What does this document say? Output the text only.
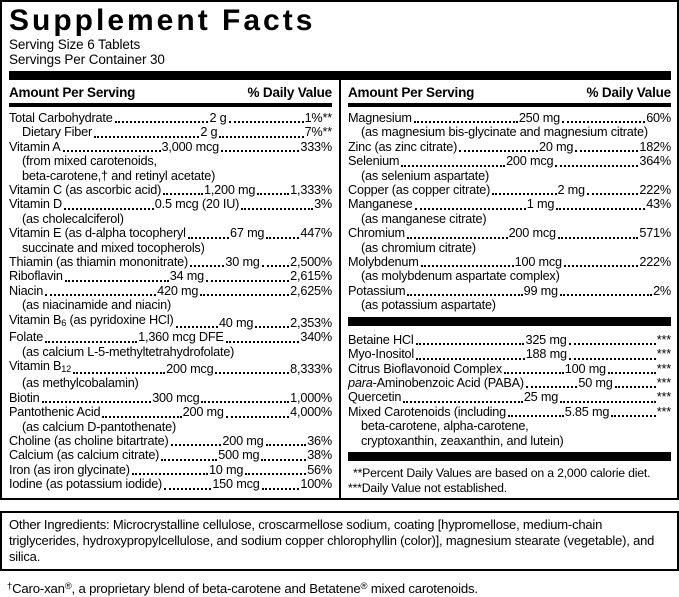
Supplement Facts
Serving Size 6 Tablets
Servings Per Container 30
Amount Per Serving	% Daily Value
Total Carbohydrate	2 g	1%**
Dietary Fiber	2 g	7%**
Vitamin A	3,000 mcg	333%
(from mixed carotenoids,
beta-carotene,† and retinyl acetate)
Vitamin C (as ascorbic acid)	1,200 mg	1,333%
Vitamin D	0.5 mcg (20 IU)	3%
(as cholecalciferol)
Vitamin E (as d-alpha tocopheryl	67 mg	447%
succinate and mixed tocopherols)
Thiamin (as thiamin mononitrate)	30 mg 2,500%
Riboflavin	34 mg	2,615%
Niacin	420 mg	2,625%
(as niacinamide and niacin)
Vitamin B6 (as pyridoxine HCl)	40 mg	2,353%
Folate	1,360 mcg DFE	340%
(as calcium L-5-methyltetrahydrofolate)
Vitamin B12	200 mcg	8,333%
(as methylcobalamin)
Biotin	300 mcg	1,000%
Pantothenic Acid	200 mg	4,000%
(as calcium D-pantothenate)
Choline (as choline bitartrate)	200 mg	36%
Calcium (as calcium citrate)	500 mg	38%
Iron (as iron glycinate)	10 mg	56%
Iodine (as potassium iodide)	150 mcg	100%
Amount Per Serving	% Daily Value
Magnesium	250 mg	60%
(as magnesium bis-glycinate and magnesium citrate)
Zinc (as zinc citrate)	20 mg	182%
Selenium	200 mcg	364%
(as selenium aspartate)
Copper (as copper citrate)	2 mg	222%
Manganese	1 mg	43%
(as manganese citrate)
Chromium	200 mcg	571%
(as chromium citrate)
Molybdenum	100 mcg	222%
(as molybdenum aspartate complex)
Potassium	99 mg	2%
(as potassium aspartate)
Betaine HCl	325 mg	***
Myo-Inositol	188 mg	***
Citrus Bioflavonoid Complex	100 mg	***
para-Aminobenzoic Acid (PABA)	50 mg	***
Quercetin	25 mg	***
Mixed Carotenoids (including	5.85 mg	***
beta-carotene, alpha-carotene,
cryptoxanthin, zeaxanthin, and lutein)
**Percent Daily Values are based on a 2,000 calorie diet.
***Daily Value not established.
Other Ingredients: Microcrystalline cellulose, croscarmellose sodium, coating [hypromellose, medium-chain triglycerides, hydroxypropylcellulose, and sodium copper chlorophyllin (color)], magnesium stearate (vegetable), and silica.
†Caro-xan®, a proprietary blend of beta-carotene and Betatene® mixed carotenoids.
